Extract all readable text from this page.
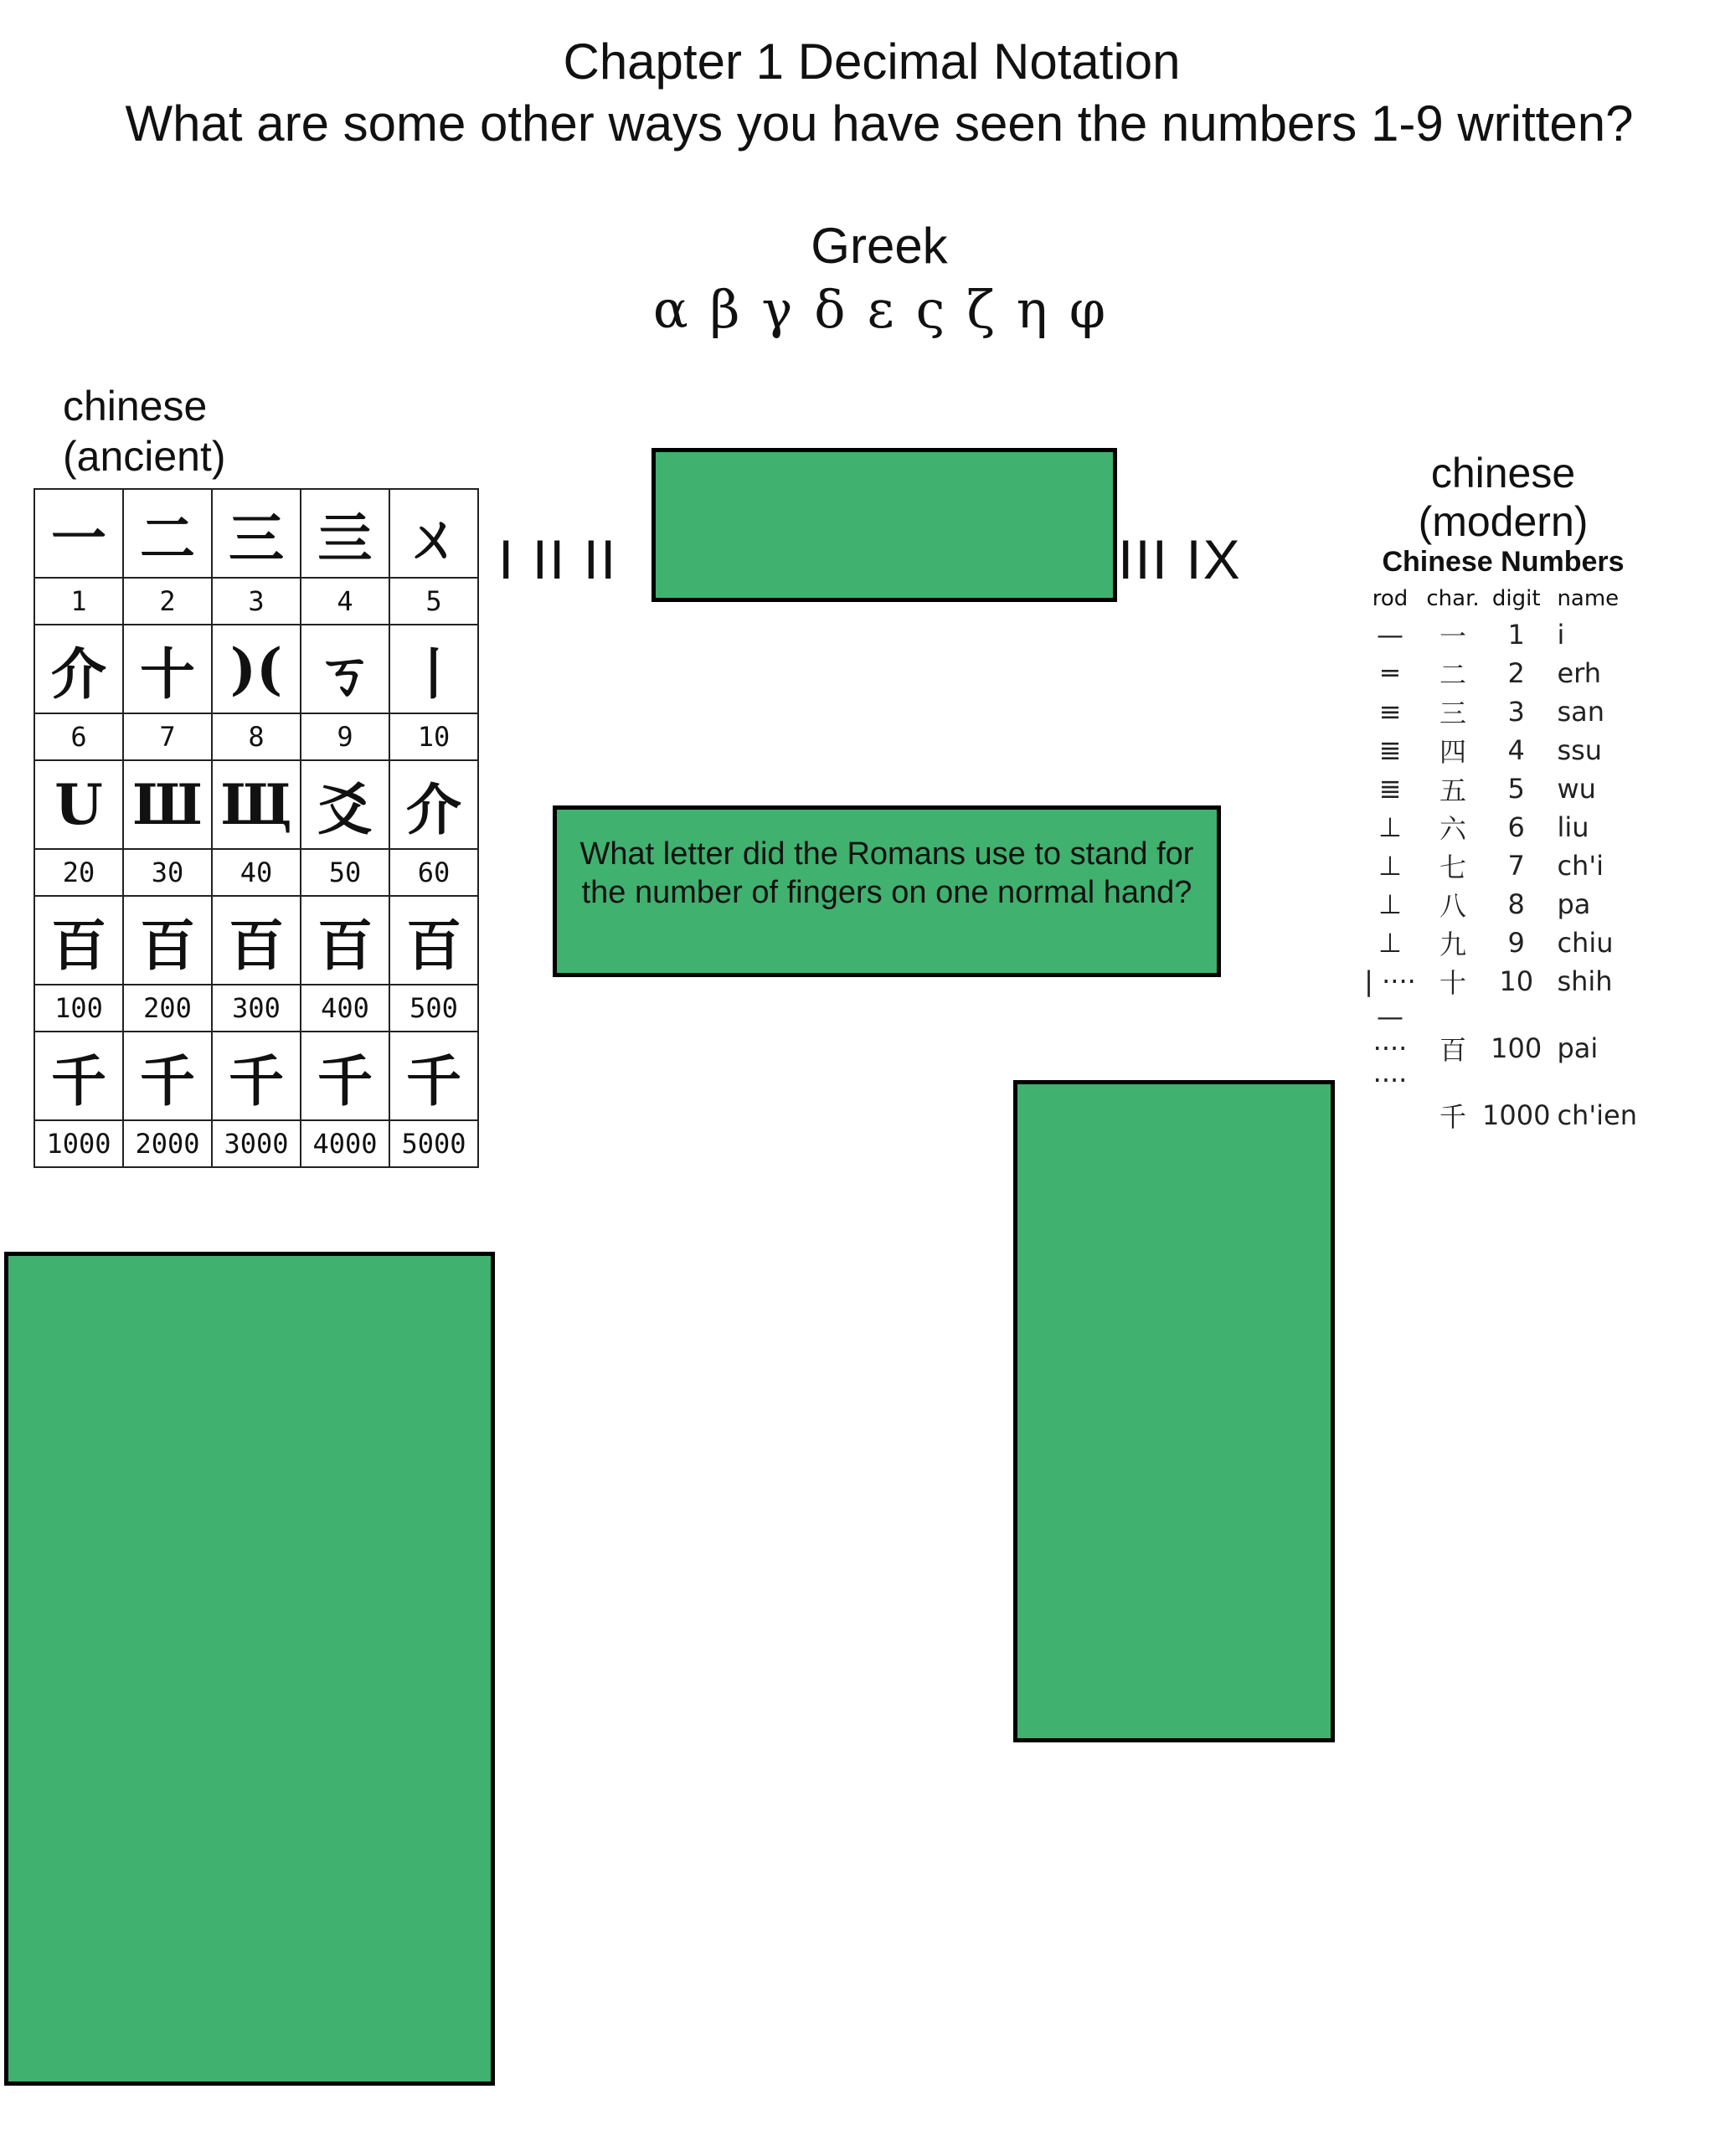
Chapter 1 Decimal Notation
What are some other ways you have seen the numbers 1-9 written?
Greek
α β γ δ ε ς ζ η φ
chinese
(ancient)
一	二	三	亖	ㄨ
1	2	3	4	5
介	十	)(	ㄎ	丨
6	7	8	9	10
U	Ш	Щ	爻	介
20	30	40	50	60
百	百	百	百	百
100	200	300	400	500
千	千	千	千	千
1000	2000	3000	4000	5000
I II II	III IX
What letter did the Romans use to stand for the number of fingers on one normal hand?
chinese
(modern)
Chinese Numbers
rod	char.	digit	name
—	一	1	i
═	二	2	erh
≡	三	3	san
≣	四	4	ssu
≣	五	5	wu
⊥	六	6	liu
⊥	七	7	ch'i
⊥	八	8	pa
⊥	九	9	chiu
| ····	十	10	shih
— ···· ····	百	100	pai
	千	1000	ch'ien
